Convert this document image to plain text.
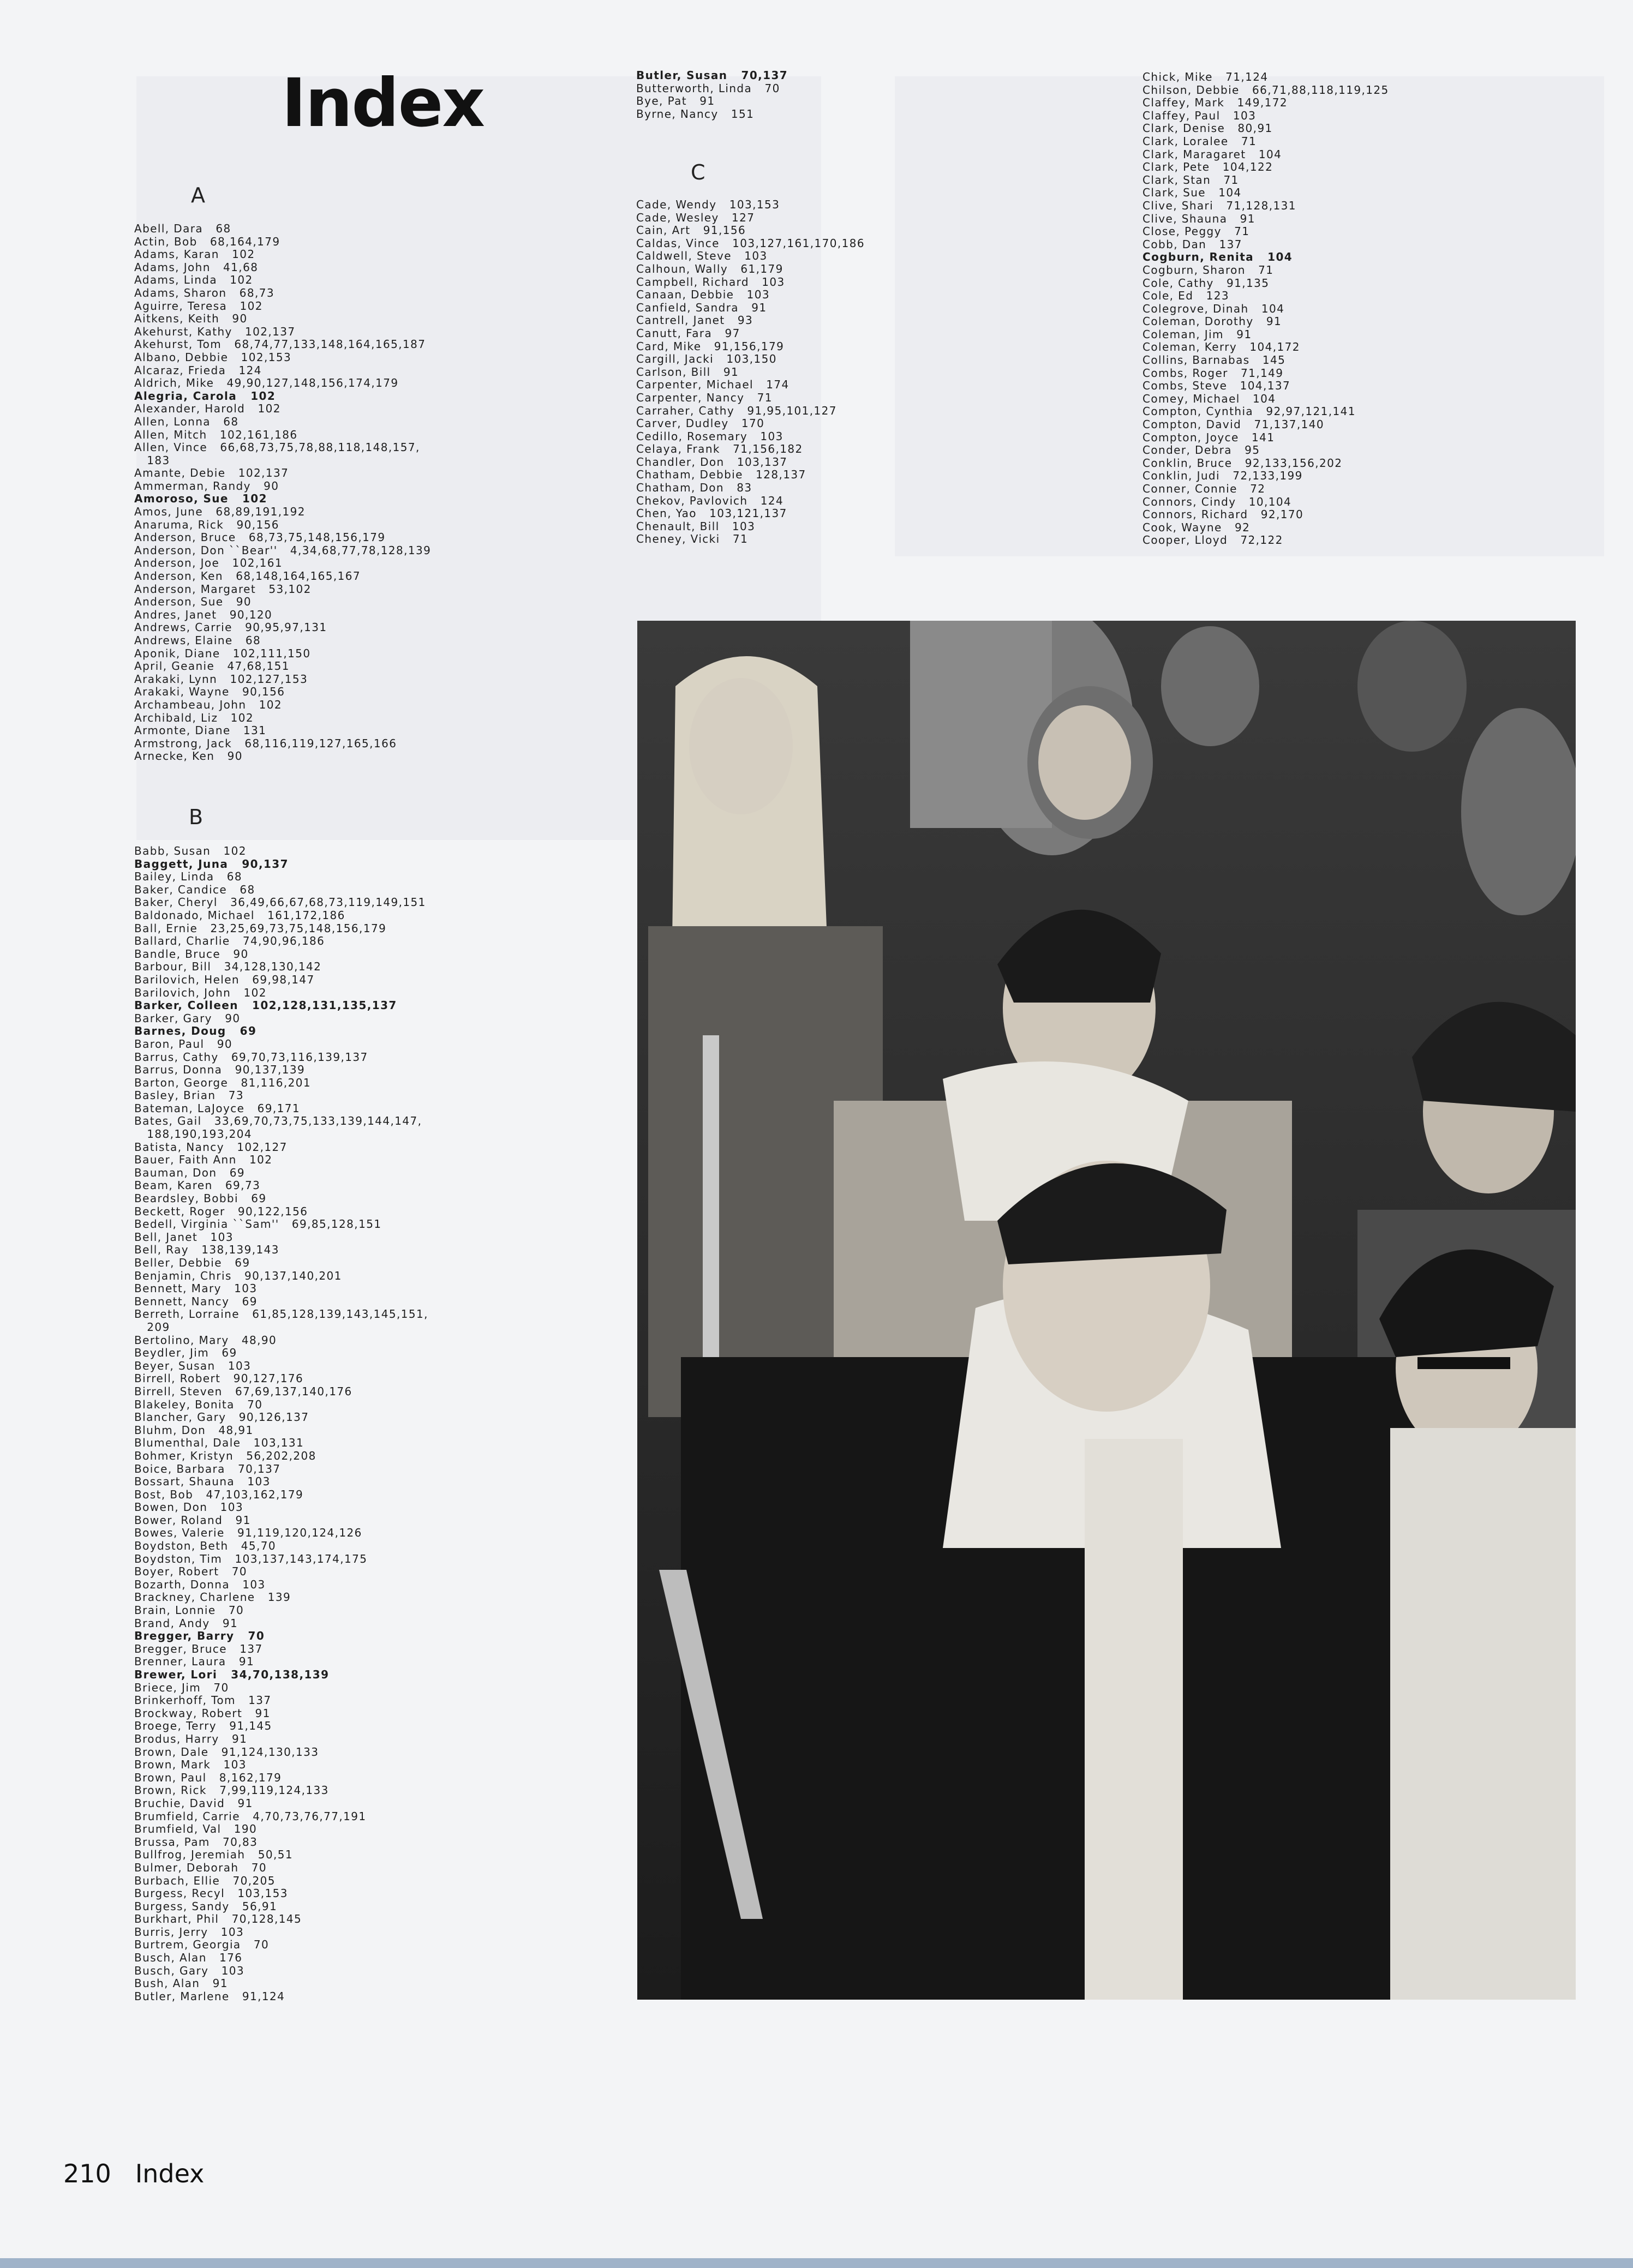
Index
A
Abell, Dara   68
Actin, Bob   68,164,179
Adams, Karan   102
Adams, John   41,68
Adams, Linda   102
Adams, Sharon   68,73
Aguirre, Teresa   102
Aitkens, Keith   90
Akehurst, Kathy   102,137
Akehurst, Tom   68,74,77,133,148,164,165,187
Albano, Debbie   102,153
Alcaraz, Frieda   124
Aldrich, Mike   49,90,127,148,156,174,179
Alegria, Carola   102
Alexander, Harold   102
Allen, Lonna   68
Allen, Mitch   102,161,186
Allen, Vince   66,68,73,75,78,88,118,148,157,
183
Amante, Debie   102,137
Ammerman, Randy   90
Amoroso, Sue   102
Amos, June   68,89,191,192
Anaruma, Rick   90,156
Anderson, Bruce   68,73,75,148,156,179
Anderson, Don ``Bear''   4,34,68,77,78,128,139
Anderson, Joe   102,161
Anderson, Ken   68,148,164,165,167
Anderson, Margaret   53,102
Anderson, Sue   90
Andres, Janet   90,120
Andrews, Carrie   90,95,97,131
Andrews, Elaine   68
Aponik, Diane   102,111,150
April, Geanie   47,68,151
Arakaki, Lynn   102,127,153
Arakaki, Wayne   90,156
Archambeau, John   102
Archibald, Liz   102
Armonte, Diane   131
Armstrong, Jack   68,116,119,127,165,166
Arnecke, Ken   90
B
Babb, Susan   102
Baggett, Juna   90,137
Bailey, Linda   68
Baker, Candice   68
Baker, Cheryl   36,49,66,67,68,73,119,149,151
Baldonado, Michael   161,172,186
Ball, Ernie   23,25,69,73,75,148,156,179
Ballard, Charlie   74,90,96,186
Bandle, Bruce   90
Barbour, Bill   34,128,130,142
Barilovich, Helen   69,98,147
Barilovich, John   102
Barker, Colleen   102,128,131,135,137
Barker, Gary   90
Barnes, Doug   69
Baron, Paul   90
Barrus, Cathy   69,70,73,116,139,137
Barrus, Donna   90,137,139
Barton, George   81,116,201
Basley, Brian   73
Bateman, LaJoyce   69,171
Bates, Gail   33,69,70,73,75,133,139,144,147,
188,190,193,204
Batista, Nancy   102,127
Bauer, Faith Ann   102
Bauman, Don   69
Beam, Karen   69,73
Beardsley, Bobbi   69
Beckett, Roger   90,122,156
Bedell, Virginia ``Sam''   69,85,128,151
Bell, Janet   103
Bell, Ray   138,139,143
Beller, Debbie   69
Benjamin, Chris   90,137,140,201
Bennett, Mary   103
Bennett, Nancy   69
Berreth, Lorraine   61,85,128,139,143,145,151,
209
Bertolino, Mary   48,90
Beydler, Jim   69
Beyer, Susan   103
Birrell, Robert   90,127,176
Birrell, Steven   67,69,137,140,176
Blakeley, Bonita   70
Blancher, Gary   90,126,137
Bluhm, Don   48,91
Blumenthal, Dale   103,131
Bohmer, Kristyn   56,202,208
Boice, Barbara   70,137
Bossart, Shauna   103
Bost, Bob   47,103,162,179
Bowen, Don   103
Bower, Roland   91
Bowes, Valerie   91,119,120,124,126
Boydston, Beth   45,70
Boydston, Tim   103,137,143,174,175
Boyer, Robert   70
Bozarth, Donna   103
Brackney, Charlene   139
Brain, Lonnie   70
Brand, Andy   91
Bregger, Barry   70
Bregger, Bruce   137
Brenner, Laura   91
Brewer, Lori   34,70,138,139
Briece, Jim   70
Brinkerhoff, Tom   137
Brockway, Robert   91
Broege, Terry   91,145
Brodus, Harry   91
Brown, Dale   91,124,130,133
Brown, Mark   103
Brown, Paul   8,162,179
Brown, Rick   7,99,119,124,133
Bruchie, David   91
Brumfield, Carrie   4,70,73,76,77,191
Brumfield, Val   190
Brussa, Pam   70,83
Bullfrog, Jeremiah   50,51
Bulmer, Deborah   70
Burbach, Ellie   70,205
Burgess, Recyl   103,153
Burgess, Sandy   56,91
Burkhart, Phil   70,128,145
Burris, Jerry   103
Burtrem, Georgia   70
Busch, Alan   176
Busch, Gary   103
Bush, Alan   91
Butler, Marlene   91,124
Butler, Susan   70,137
Butterworth, Linda   70
Bye, Pat   91
Byrne, Nancy   151
C
Cade, Wendy   103,153
Cade, Wesley   127
Cain, Art   91,156
Caldas, Vince   103,127,161,170,186
Caldwell, Steve   103
Calhoun, Wally   61,179
Campbell, Richard   103
Canaan, Debbie   103
Canfield, Sandra   91
Cantrell, Janet   93
Canutt, Fara   97
Card, Mike   91,156,179
Cargill, Jacki   103,150
Carlson, Bill   91
Carpenter, Michael   174
Carpenter, Nancy   71
Carraher, Cathy   91,95,101,127
Carver, Dudley   170
Cedillo, Rosemary   103
Celaya, Frank   71,156,182
Chandler, Don   103,137
Chatham, Debbie   128,137
Chatham, Don   83
Chekov, Pavlovich   124
Chen, Yao   103,121,137
Chenault, Bill   103
Cheney, Vicki   71
Chick, Mike   71,124
Chilson, Debbie   66,71,88,118,119,125
Claffey, Mark   149,172
Claffey, Paul   103
Clark, Denise   80,91
Clark, Loralee   71
Clark, Maragaret   104
Clark, Pete   104,122
Clark, Stan   71
Clark, Sue   104
Clive, Shari   71,128,131
Clive, Shauna   91
Close, Peggy   71
Cobb, Dan   137
Cogburn, Renita   104
Cogburn, Sharon   71
Cole, Cathy   91,135
Cole, Ed   123
Colegrove, Dinah   104
Coleman, Dorothy   91
Coleman, Jim   91
Coleman, Kerry   104,172
Collins, Barnabas   145
Combs, Roger   71,149
Combs, Steve   104,137
Comey, Michael   104
Compton, Cynthia   92,97,121,141
Compton, David   71,137,140
Compton, Joyce   141
Conder, Debra   95
Conklin, Bruce   92,133,156,202
Conklin, Judi   72,133,199
Conner, Connie   72
Connors, Cindy   10,104
Connors, Richard   92,170
Cook, Wayne   92
Cooper, Lloyd   72,122
210 Index
